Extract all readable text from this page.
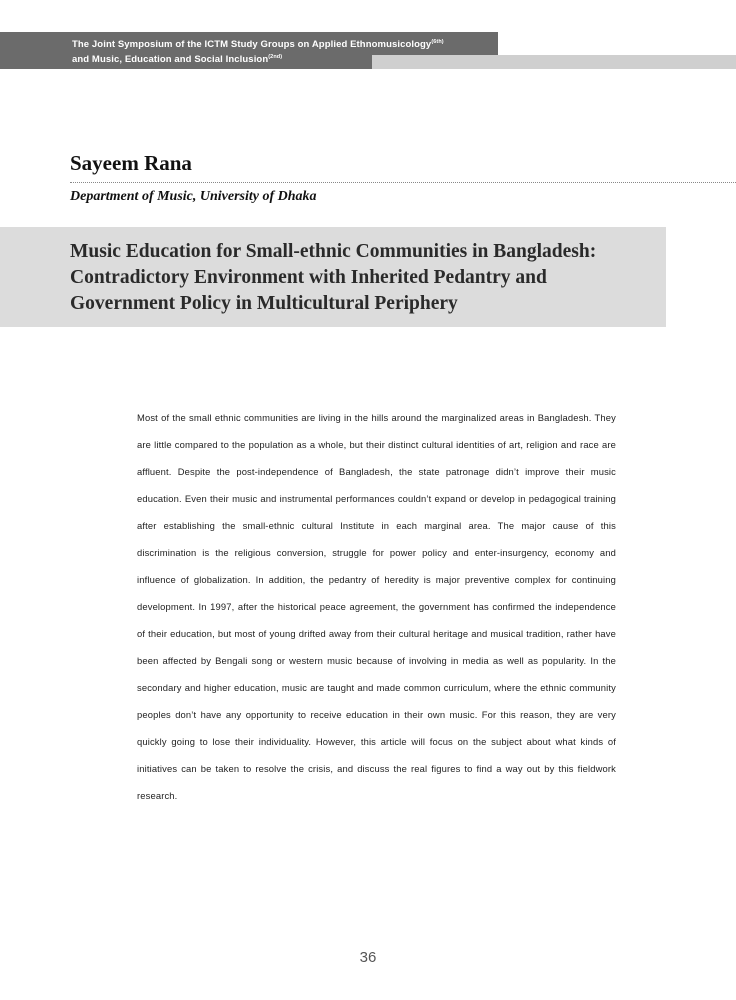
The Joint Symposium of the ICTM Study Groups on Applied Ethnomusicology$^{(6th)}$
and Music, Education and Social Inclusion$^{(2nd)}$
Sayeem Rana

Department of Music, University of Dhaka

Music Education for Small-ethnic Communities in Bangladesh: Contradictory Environment with Inherited Pedantry and Government Policy in Multicultural Periphery

Most of the small ethnic communities are living in the hills around the marginalized areas in Bangladesh. They are little compared to the population as a whole, but their distinct cultural identities of art, religion and race are affluent. Despite the post-independence of Bangladesh, the state patronage didn’t improve their music education. Even their music and instrumental performances couldn’t expand or develop in pedagogical training after establishing the small-ethnic cultural Institute in each marginal area. The major cause of this discrimination is the religious conversion, struggle for power policy and enter-insurgency, economy and influence of globalization. In addition, the pedantry of heredity is major preventive complex for continuing development. In 1997, after the historical peace agreement, the government has confirmed the independence of their education, but most of young drifted away from their cultural heritage and musical tradition, rather have been affected by Bengali song or western music because of involving in media as well as popularity. In the secondary and higher education, music are taught and made common curriculum, where the ethnic community peoples don’t have any opportunity to receive education in their own music. For this reason, they are very quickly going to lose their individuality. However, this article will focus on the subject about what kinds of initiatives can be taken to resolve the crisis, and discuss the real figures to find a way out by this fieldwork research.

36
